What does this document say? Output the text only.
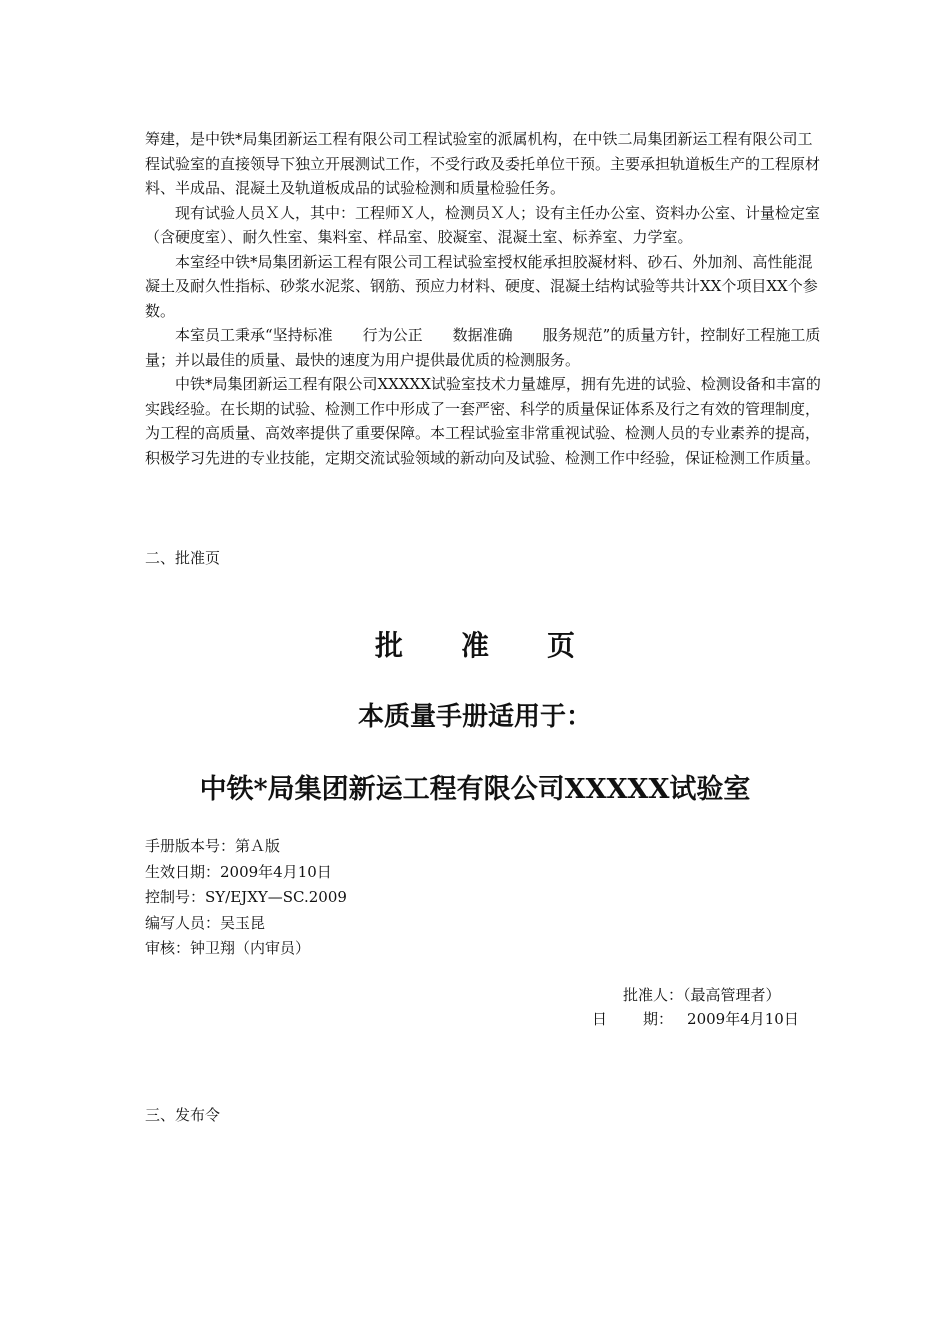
筹建，是中铁*局集团新运工程有限公司工程试验室的派属机构，在中铁二局集团新运工程有限公司工程试验室的直接领导下独立开展测试工作，不受行政及委托单位干预。主要承担轨道板生产的工程原材料、半成品、混凝土及轨道板成品的试验检测和质量检验任务。

现有试验人员Ｘ人，其中：工程师Ｘ人，检测员Ｘ人；设有主任办公室、资料办公室、计量检定室（含硬度室）、耐久性室、集料室、样品室、胶凝室、混凝土室、标养室、力学室。

本室经中铁*局集团新运工程有限公司工程试验室授权能承担胶凝材料、砂石、外加剂、高性能混凝土及耐久性指标、砂浆水泥浆、钢筋、预应力材料、硬度、混凝土结构试验等共计XX个项目XX个参数。

本室员工秉承“坚持标准　　行为公正　　数据准确　　服务规范”的质量方针，控制好工程施工质量；并以最佳的质量、最快的速度为用户提供最优质的检测服务。

中铁*局集团新运工程有限公司XXXXX试验室技术力量雄厚，拥有先进的试验、检测设备和丰富的实践经验。在长期的试验、检测工作中形成了一套严密、科学的质量保证体系及行之有效的管理制度，为工程的高质量、高效率提供了重要保障。本工程试验室非常重视试验、检测人员的专业素养的提高，积极学习先进的专业技能，定期交流试验领域的新动向及试验、检测工作中经验，保证检测工作质量。

二、批准页
批 准 页
本质量手册适用于：
中铁*局集团新运工程有限公司XXXXX试验室
手册版本号：第Ａ版
生效日期：2009年4月10日
控制号：SY/EJXY—SC.2009
编写人员：吴玉昆
审核：钟卫翔（内审员）
批准人：（最高管理者）
日 期： 2009年4月10日
三、发布令
